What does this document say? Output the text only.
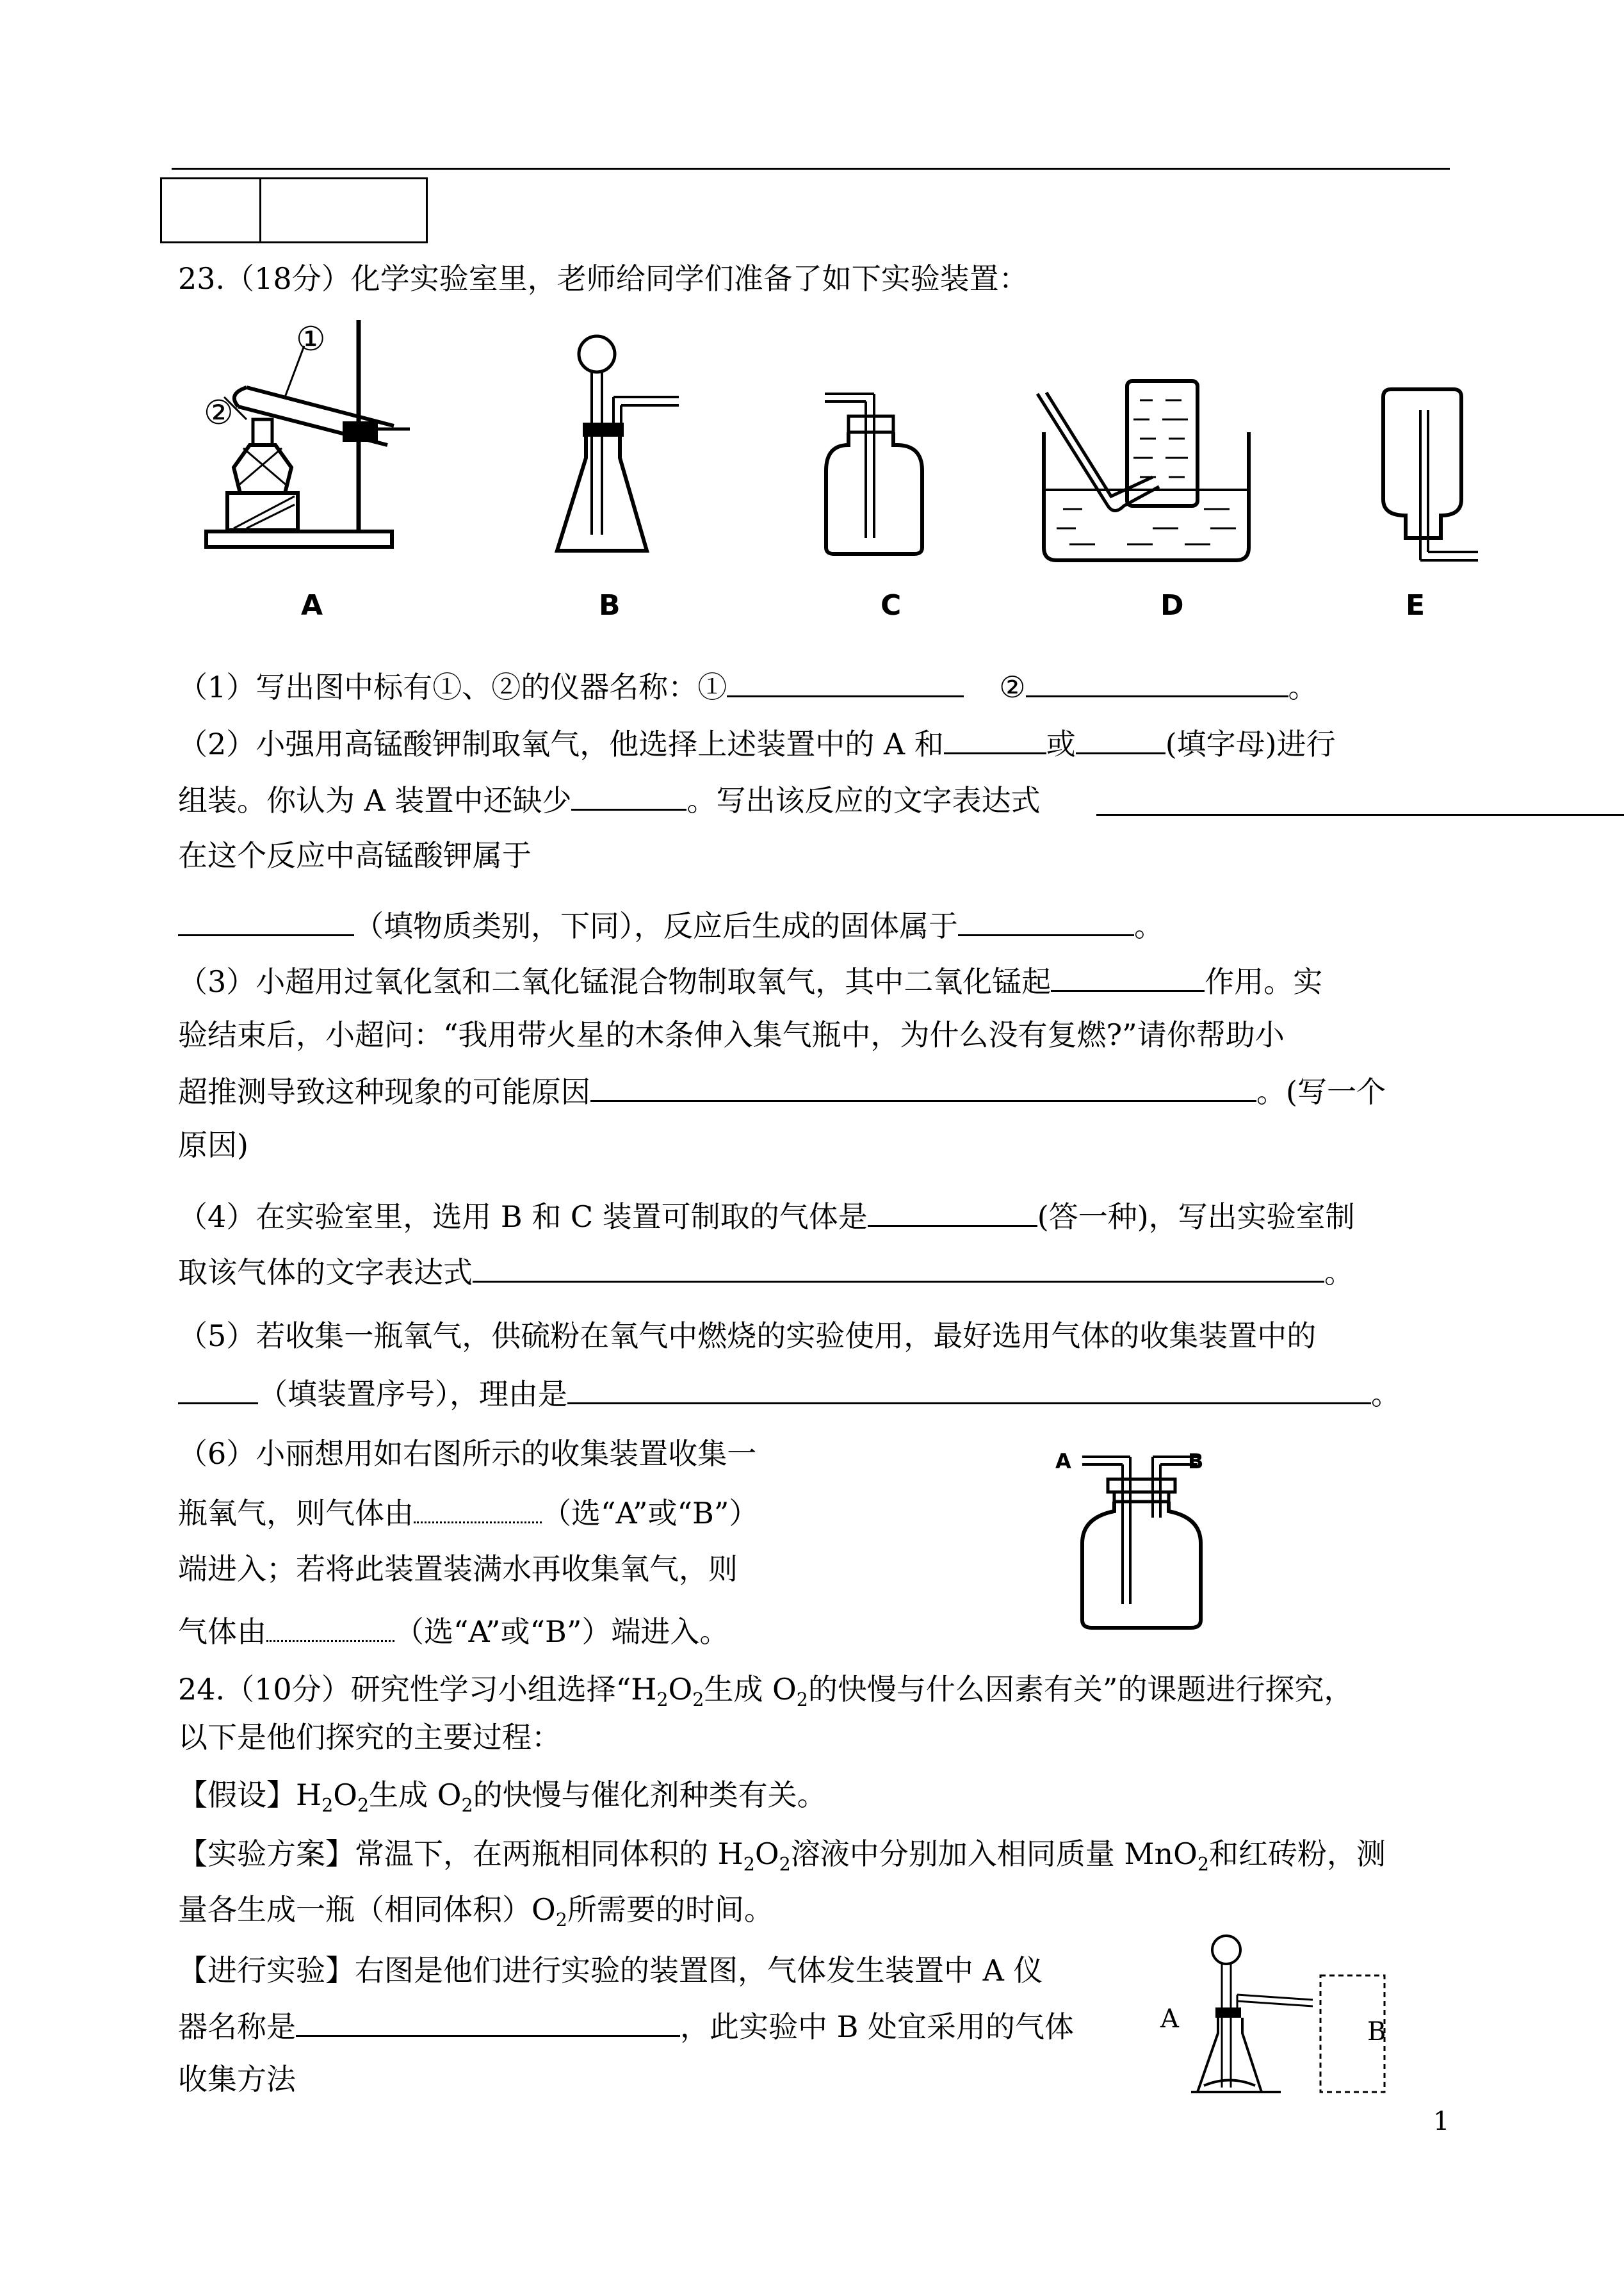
23.（18分）化学实验室里，老师给同学们准备了如下实验装置：
①
②
A	B	C	D	E
（1）写出图中标有①、②的仪器名称：①	②	。
（2）小强用高锰酸钾制取氧气，他选择上述装置中的 A 和	或	(填字母)进行
组装。你认为 A 装置中还缺少	。写出该反应的文字表达式
在这个反应中高锰酸钾属于
（填物质类别，下同），反应后生成的固体属于	。
（3）小超用过氧化氢和二氧化锰混合物制取氧气，其中二氧化锰起	作用。实
验结束后，小超问：“我用带火星的木条伸入集气瓶中，为什么没有复燃?”请你帮助小
超推测导致这种现象的可能原因	。(写一个
原因)
（4）在实验室里，选用 B 和 C 装置可制取的气体是	(答一种)，写出实验室制
取该气体的文字表达式	。
（5）若收集一瓶氧气，供硫粉在氧气中燃烧的实验使用，最好选用气体的收集装置中的
（填装置序号），理由是	。
（6）小丽想用如右图所示的收集装置收集一
瓶氧气，则气体由	（选“A”或“B”）
端进入；若将此装置装满水再收集氧气，则
气体由	（选“A”或“B”）端进入。
A	B
24.（10分）研究性学习小组选择“$H_2O_2$生成 $O_2$的快慢与什么因素有关”的课题进行探究，
以下是他们探究的主要过程：
【假设】$H_2O_2$生成 $O_2$的快慢与催化剂种类有关。
【实验方案】常温下，在两瓶相同体积的 $H_2O_2$溶液中分别加入相同质量 MnO$_2$和红砖粉，测
量各生成一瓶（相同体积）$O_2$所需要的时间。
【进行实验】右图是他们进行实验的装置图，气体发生装置中 A 仪
器名称是	，此实验中 B 处宜采用的气体
收集方法
A	B
1
